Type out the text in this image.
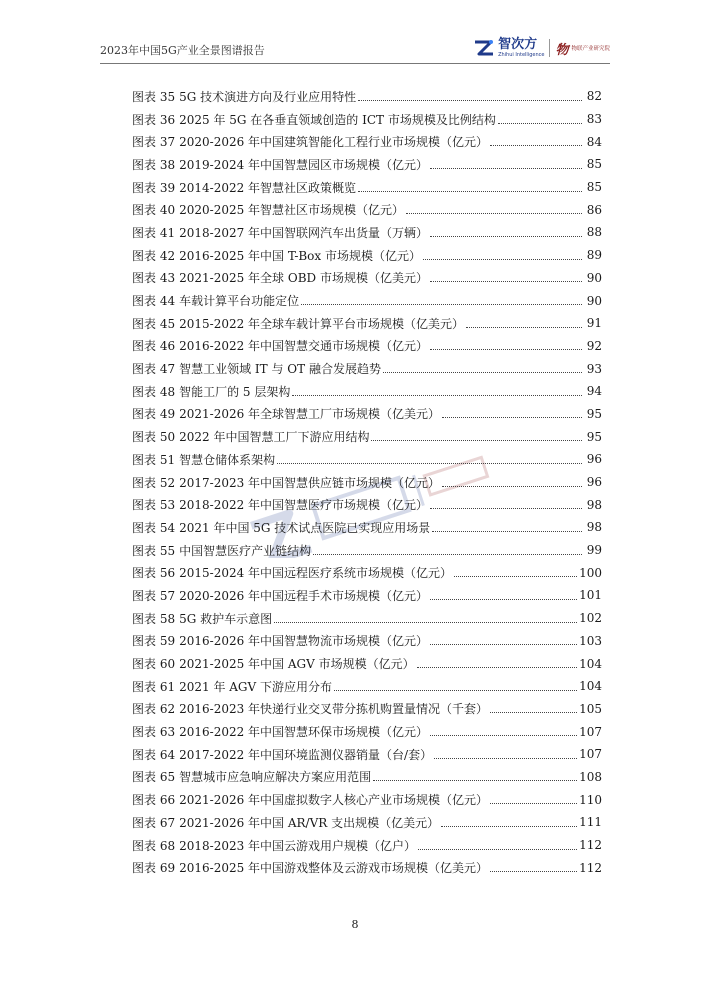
2023年中国5G产业全景图谱报告	智次方
Zhihui Intelligence 物 物联产业研究院
图表 35 5G 技术演进方向及行业应用特性	82
图表 36 2025 年 5G 在各垂直领域创造的 ICT 市场规模及比例结构	83
图表 37 2020-2026 年中国建筑智能化工程行业市场规模（亿元）	84
图表 38 2019-2024 年中国智慧园区市场规模（亿元）	85
图表 39 2014-2022 年智慧社区政策概览	85
图表 40 2020-2025 年智慧社区市场规模（亿元）	86
图表 41 2018-2027 年中国智联网汽车出货量（万辆）	88
图表 42 2016-2025 年中国 T-Box 市场规模（亿元）	89
图表 43 2021-2025 年全球 OBD 市场规模（亿美元）	90
图表 44 车载计算平台功能定位	90
图表 45 2015-2022 年全球车载计算平台市场规模（亿美元）	91
图表 46 2016-2022 年中国智慧交通市场规模（亿元）	92
图表 47 智慧工业领域 IT 与 OT 融合发展趋势	93
图表 48 智能工厂的 5 层架构	94
图表 49 2021-2026 年全球智慧工厂市场规模（亿美元）	95
图表 50 2022 年中国智慧工厂下游应用结构	95
图表 51 智慧仓储体系架构	96
图表 52 2017-2023 年中国智慧供应链市场规模（亿元）	96
图表 53 2018-2022 年中国智慧医疗市场规模（亿元）	98
图表 54 2021 年中国 5G 技术试点医院已实现应用场景	98
图表 55 中国智慧医疗产业链结构	99
图表 56 2015-2024 年中国远程医疗系统市场规模（亿元）	100
图表 57 2020-2026 年中国远程手术市场规模（亿元）	101
图表 58 5G 救护车示意图	102
图表 59 2016-2026 年中国智慧物流市场规模（亿元）	103
图表 60 2021-2025 年中国 AGV 市场规模（亿元）	104
图表 61 2021 年 AGV 下游应用分布	104
图表 62 2016-2023 年快递行业交叉带分拣机购置量情况（千套）	105
图表 63 2016-2022 年中国智慧环保市场规模（亿元）	107
图表 64 2017-2022 年中国环境监测仪器销量（台/套）	107
图表 65 智慧城市应急响应解决方案应用范围	108
图表 66 2021-2026 年中国虚拟数字人核心产业市场规模（亿元）	110
图表 67 2021-2026 年中国 AR/VR 支出规模（亿美元）	111
图表 68 2018-2023 年中国云游戏用户规模（亿户）	112
图表 69 2016-2025 年中国游戏整体及云游戏市场规模（亿美元）	112
8
